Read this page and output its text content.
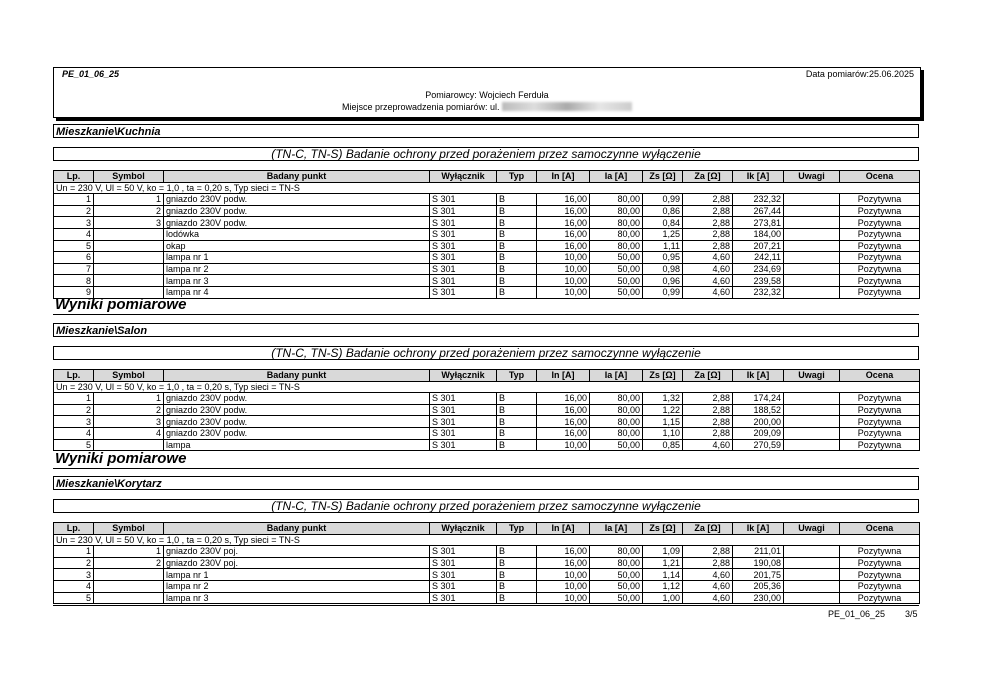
PE_01_06_25	Data pomiarów:25.06.2025
Pomiarowcy: Wojciech Ferduła
Miejsce przeprowadzenia pomiarów: ul.
Mieszkanie\Kuchnia
(TN-C, TN-S) Badanie ochrony przed porażeniem przez samoczynne wyłączenie
Lp.	Symbol	Badany punkt	Wyłącznik	Typ	In [A]	Ia [A]	Zs [Ω]	Za [Ω]	Ik [A]	Uwagi	Ocena
Un = 230 V, Ul = 50 V, ko = 1,0 , ta = 0,20 s, Typ sieci = TN-S											
1	1	gniazdo 230V podw.	S 301	B	16,00	80,00	0,99	2,88	232,32		Pozytywna
2	2	gniazdo 230V podw.	S 301	B	16,00	80,00	0,86	2,88	267,44		Pozytywna
3	3	gniazdo 230V podw.	S 301	B	16,00	80,00	0,84	2,88	273,81		Pozytywna
4		lodówka	S 301	B	16,00	80,00	1,25	2,88	184,00		Pozytywna
5		okap	S 301	B	16,00	80,00	1,11	2,88	207,21		Pozytywna
6		lampa nr 1	S 301	B	10,00	50,00	0,95	4,60	242,11		Pozytywna
7		lampa nr 2	S 301	B	10,00	50,00	0,98	4,60	234,69		Pozytywna
8		lampa nr 3	S 301	B	10,00	50,00	0,96	4,60	239,58		Pozytywna
9		lampa nr 4	S 301	B	10,00	50,00	0,99	4,60	232,32		Pozytywna
Wyniki pomiarowe
Mieszkanie\Salon
(TN-C, TN-S) Badanie ochrony przed porażeniem przez samoczynne wyłączenie
Lp.	Symbol	Badany punkt	Wyłącznik	Typ	In [A]	Ia [A]	Zs [Ω]	Za [Ω]	Ik [A]	Uwagi	Ocena
Un = 230 V, Ul = 50 V, ko = 1,0 , ta = 0,20 s, Typ sieci = TN-S											
1	1	gniazdo 230V podw.	S 301	B	16,00	80,00	1,32	2,88	174,24		Pozytywna
2	2	gniazdo 230V podw.	S 301	B	16,00	80,00	1,22	2,88	188,52		Pozytywna
3	3	gniazdo 230V podw.	S 301	B	16,00	80,00	1,15	2,88	200,00		Pozytywna
4	4	gniazdo 230V podw.	S 301	B	16,00	80,00	1,10	2,88	209,09		Pozytywna
5		lampa	S 301	B	10,00	50,00	0,85	4,60	270,59		Pozytywna
Wyniki pomiarowe
Mieszkanie\Korytarz
(TN-C, TN-S) Badanie ochrony przed porażeniem przez samoczynne wyłączenie
Lp.	Symbol	Badany punkt	Wyłącznik	Typ	In [A]	Ia [A]	Zs [Ω]	Za [Ω]	Ik [A]	Uwagi	Ocena
Un = 230 V, Ul = 50 V, ko = 1,0 , ta = 0,20 s, Typ sieci = TN-S											
1	1	gniazdo 230V poj.	S 301	B	16,00	80,00	1,09	2,88	211,01		Pozytywna
2	2	gniazdo 230V poj.	S 301	B	16,00	80,00	1,21	2,88	190,08		Pozytywna
3		lampa nr 1	S 301	B	10,00	50,00	1,14	4,60	201,75		Pozytywna
4		lampa nr 2	S 301	B	10,00	50,00	1,12	4,60	205,36		Pozytywna
5		lampa nr 3	S 301	B	10,00	50,00	1,00	4,60	230,00		Pozytywna
PE_01_06_25 3/5
